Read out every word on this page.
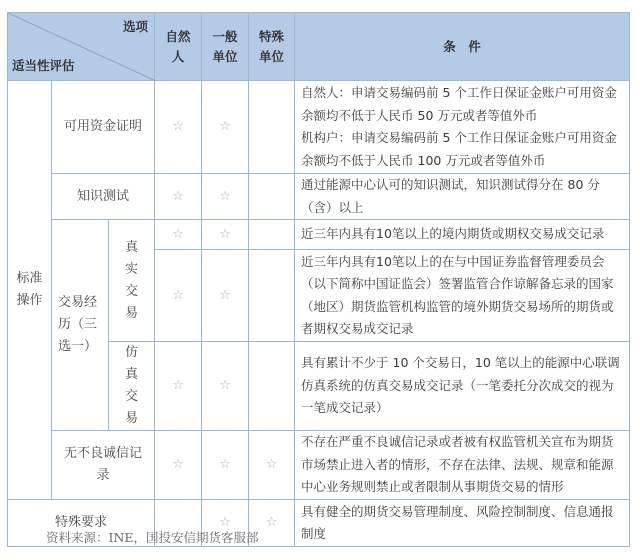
选项
适当性评估			自然人	一般单位	特殊单位	条　件
标准操作	可用资金证明		☆	☆		自然人：申请交易编码前 5 个工作日保证金账户可用资金余额均不低于人民币 50 万元或者等值外币
机构户：申请交易编码前 5 个工作日保证金账户可用资金余额均不低于人民币 100 万元或者等值外币

	知识测试		☆	☆		通过能源中心认可的知识测试，知识测试得分在 80 分（含）以上
	交易经历（三选一）	真实交易	☆	☆		近三年内具有10笔以上的境内期货或期权交易成交记录
			☆	☆		近三年内具有10笔以上的在与中国证券监督管理委员会（以下简称中国证监会）签署监管合作谅解备忘录的国家（地区）期货监管机构监管的境外期货交易场所的期货或者期权交易成交记录
		仿真交易	☆	☆		具有累计不少于 10 个交易日，10 笔以上的能源中心联调仿真系统的仿真交易成交记录（一笔委托分次成交的视为一笔成交记录）
	无不良诚信记录		☆	☆	☆	不存在严重不良诚信记录或者被有权监管机关宣布为期货市场禁止进入者的情形，不存在法律、法规、规章和能源中心业务规则禁止或者限制从事期货交易的情形
特殊要求				☆	☆	具有健全的期货交易管理制度、风险控制制度、信息通报制度
资料来源：INE，国投安信期货客服部
